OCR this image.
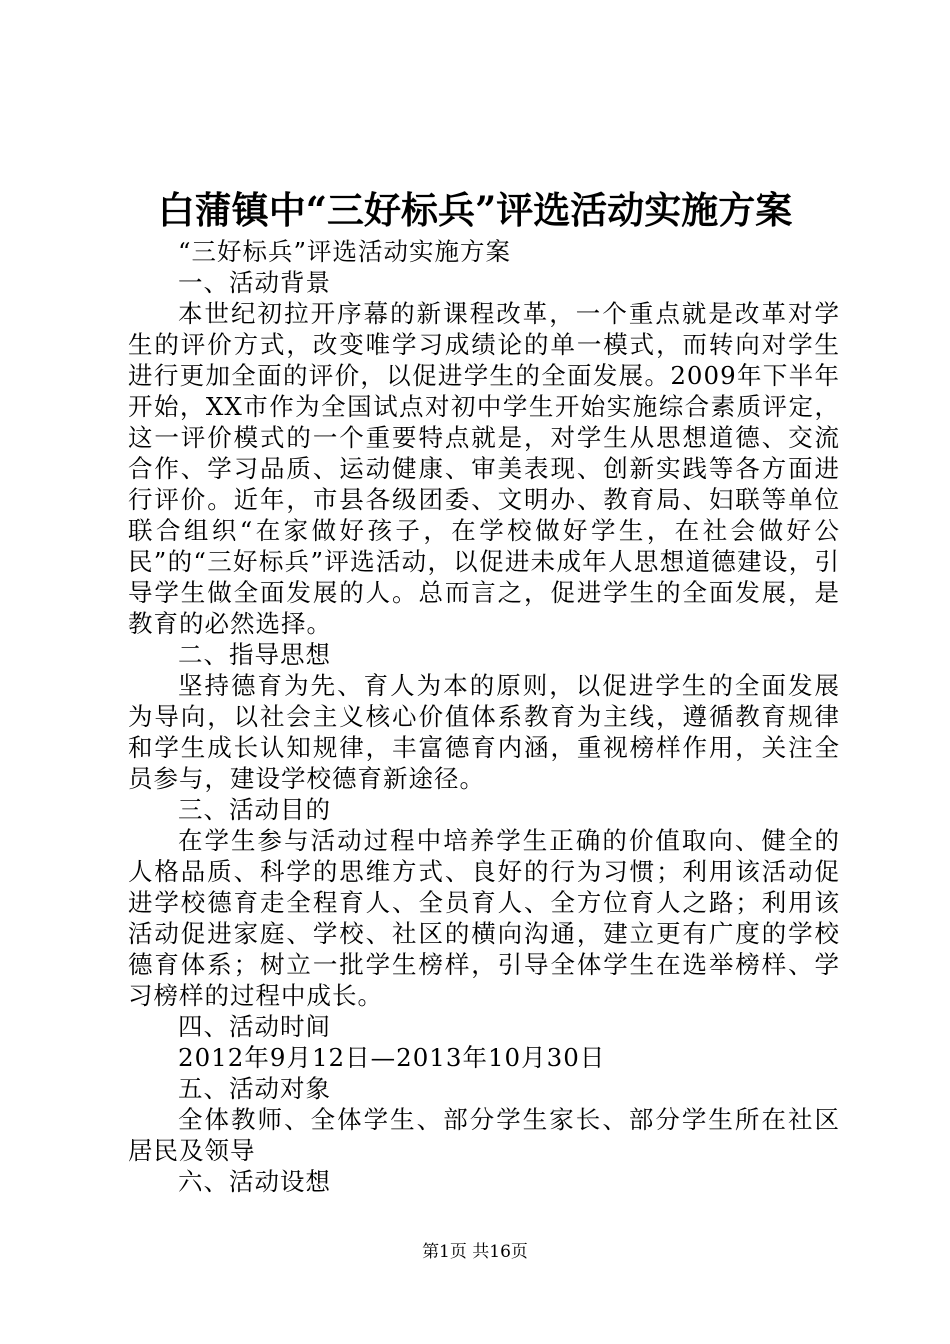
白蒲镇中“三好标兵”评选活动实施方案

“三好标兵”评选活动实施方案

一、活动背景

本世纪初拉开序幕的新课程改革，一个重点就是改革对学生的评价方式，改变唯学习成绩论的单一模式，而转向对学生进行更加全面的评价，以促进学生的全面发展。2009年下半年开始，XX市作为全国试点对初中学生开始实施综合素质评定，这一评价模式的一个重要特点就是，对学生从思想道德、交流合作、学习品质、运动健康、审美表现、创新实践等各方面进行评价。近年，市县各级团委、文明办、教育局、妇联等单位联合组织“在家做好孩子，在学校做好学生，在社会做好公民”的“三好标兵”评选活动，以促进未成年人思想道德建设，引导学生做全面发展的人。总而言之，促进学生的全面发展，是教育的必然选择。

二、指导思想

坚持德育为先、育人为本的原则，以促进学生的全面发展为导向，以社会主义核心价值体系教育为主线，遵循教育规律和学生成长认知规律，丰富德育内涵，重视榜样作用，关注全员参与，建设学校德育新途径。

三、活动目的

在学生参与活动过程中培养学生正确的价值取向、健全的人格品质、科学的思维方式、良好的行为习惯；利用该活动促进学校德育走全程育人、全员育人、全方位育人之路；利用该活动促进家庭、学校、社区的横向沟通，建立更有广度的学校德育体系；树立一批学生榜样，引导全体学生在选举榜样、学习榜样的过程中成长。

四、活动时间

2012年9月12日—2013年10月30日

五、活动对象

全体教师、全体学生、部分学生家长、部分学生所在社区居民及领导

六、活动设想

第1页 共16页
